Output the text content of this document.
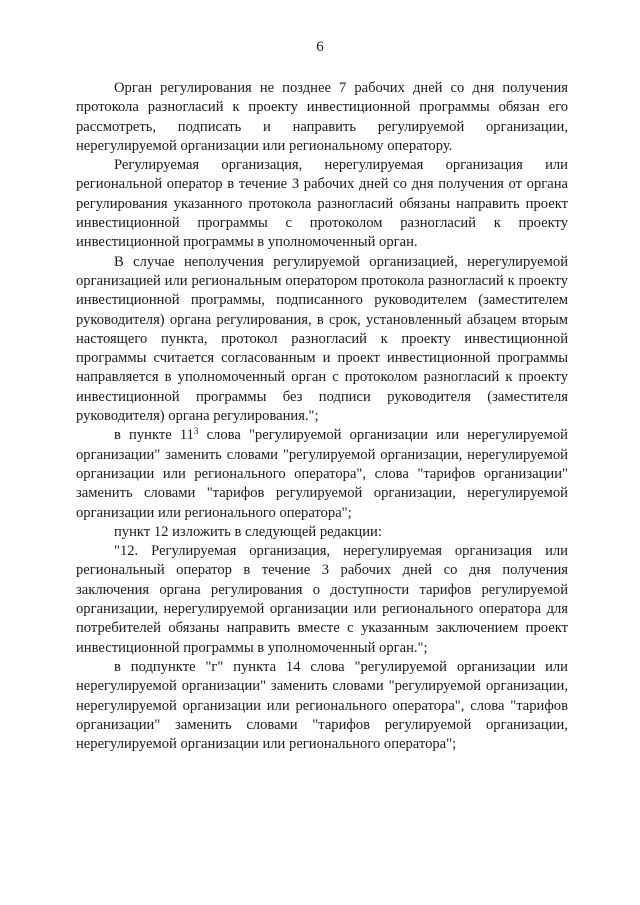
6

Орган регулирования не позднее 7 рабочих дней со дня получения протокола разногласий к проекту инвестиционной программы обязан его рассмотреть, подписать и направить регулируемой организации, нерегулируемой организации или региональному оператору.

Регулируемая организация, нерегулируемая организация или региональной оператор в течение 3 рабочих дней со дня получения от органа регулирования указанного протокола разногласий обязаны направить проект инвестиционной программы с протоколом разногласий к проекту инвестиционной программы в уполномоченный орган.

В случае неполучения регулируемой организацией, нерегулируемой организацией или региональным оператором протокола разногласий к проекту инвестиционной программы, подписанного руководителем (заместителем руководителя) органа регулирования, в срок, установленный абзацем вторым настоящего пункта, протокол разногласий к проекту инвестиционной программы считается согласованным и проект инвестиционной программы направляется в уполномоченный орган с протоколом разногласий к проекту инвестиционной программы без подписи руководителя (заместителя руководителя) органа регулирования.";

в пункте $11^3$ слова "регулируемой организации или нерегулируемой организации" заменить словами "регулируемой организации, нерегулируемой организации или регионального оператора", слова "тарифов организации" заменить словами "тарифов регулируемой организации, нерегулируемой организации или регионального оператора";

пункт 12 изложить в следующей редакции:

"12. Регулируемая организация, нерегулируемая организация или региональный оператор в течение 3 рабочих дней со дня получения заключения органа регулирования о доступности тарифов регулируемой организации, нерегулируемой организации или регионального оператора для потребителей обязаны направить вместе с указанным заключением проект инвестиционной программы в уполномоченный орган.";

в подпункте "г" пункта 14 слова "регулируемой организации или нерегулируемой организации" заменить словами "регулируемой организации, нерегулируемой организации или регионального оператора", слова "тарифов организации" заменить словами "тарифов регулируемой организации, нерегулируемой организации или регионального оператора";
